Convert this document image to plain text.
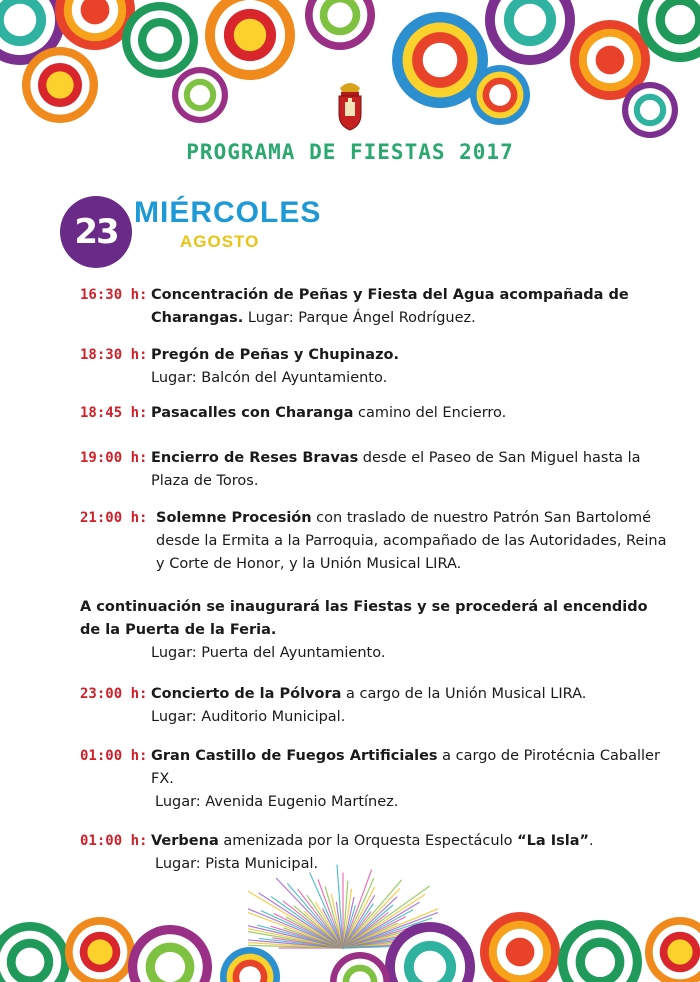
PROGRAMA DE FIESTAS 2017
23 MIÉRCOLES
AGOSTO
16:30 h: Concentración de Peñas y Fiesta del Agua acompañada de Charangas. Lugar: Parque Ángel Rodríguez.
18:30 h: Pregón de Peñas y Chupinazo.
Lugar: Balcón del Ayuntamiento.
18:45 h: Pasacalles con Charanga camino del Encierro.
19:00 h: Encierro de Reses Bravas desde el Paseo de San Miguel hasta la Plaza de Toros.
21:00 h: Solemne Procesión con traslado de nuestro Patrón San Bartolomé desde la Ermita a la Parroquia, acompañado de las Autoridades, Reina y Corte de Honor, y la Unión Musical LIRA.
A continuación se inaugurará las Fiestas y se procederá al encendido de la Puerta de la Feria.
Lugar: Puerta del Ayuntamiento.
23:00 h: Concierto de la Pólvora a cargo de la Unión Musical LIRA.
Lugar: Auditorio Municipal.
01:00 h: Gran Castillo de Fuegos Artificiales a cargo de Pirotécnia Caballer FX.
Lugar: Avenida Eugenio Martínez.
01:00 h: Verbena amenizada por la Orquesta Espectáculo “La Isla”.
Lugar: Pista Municipal.
